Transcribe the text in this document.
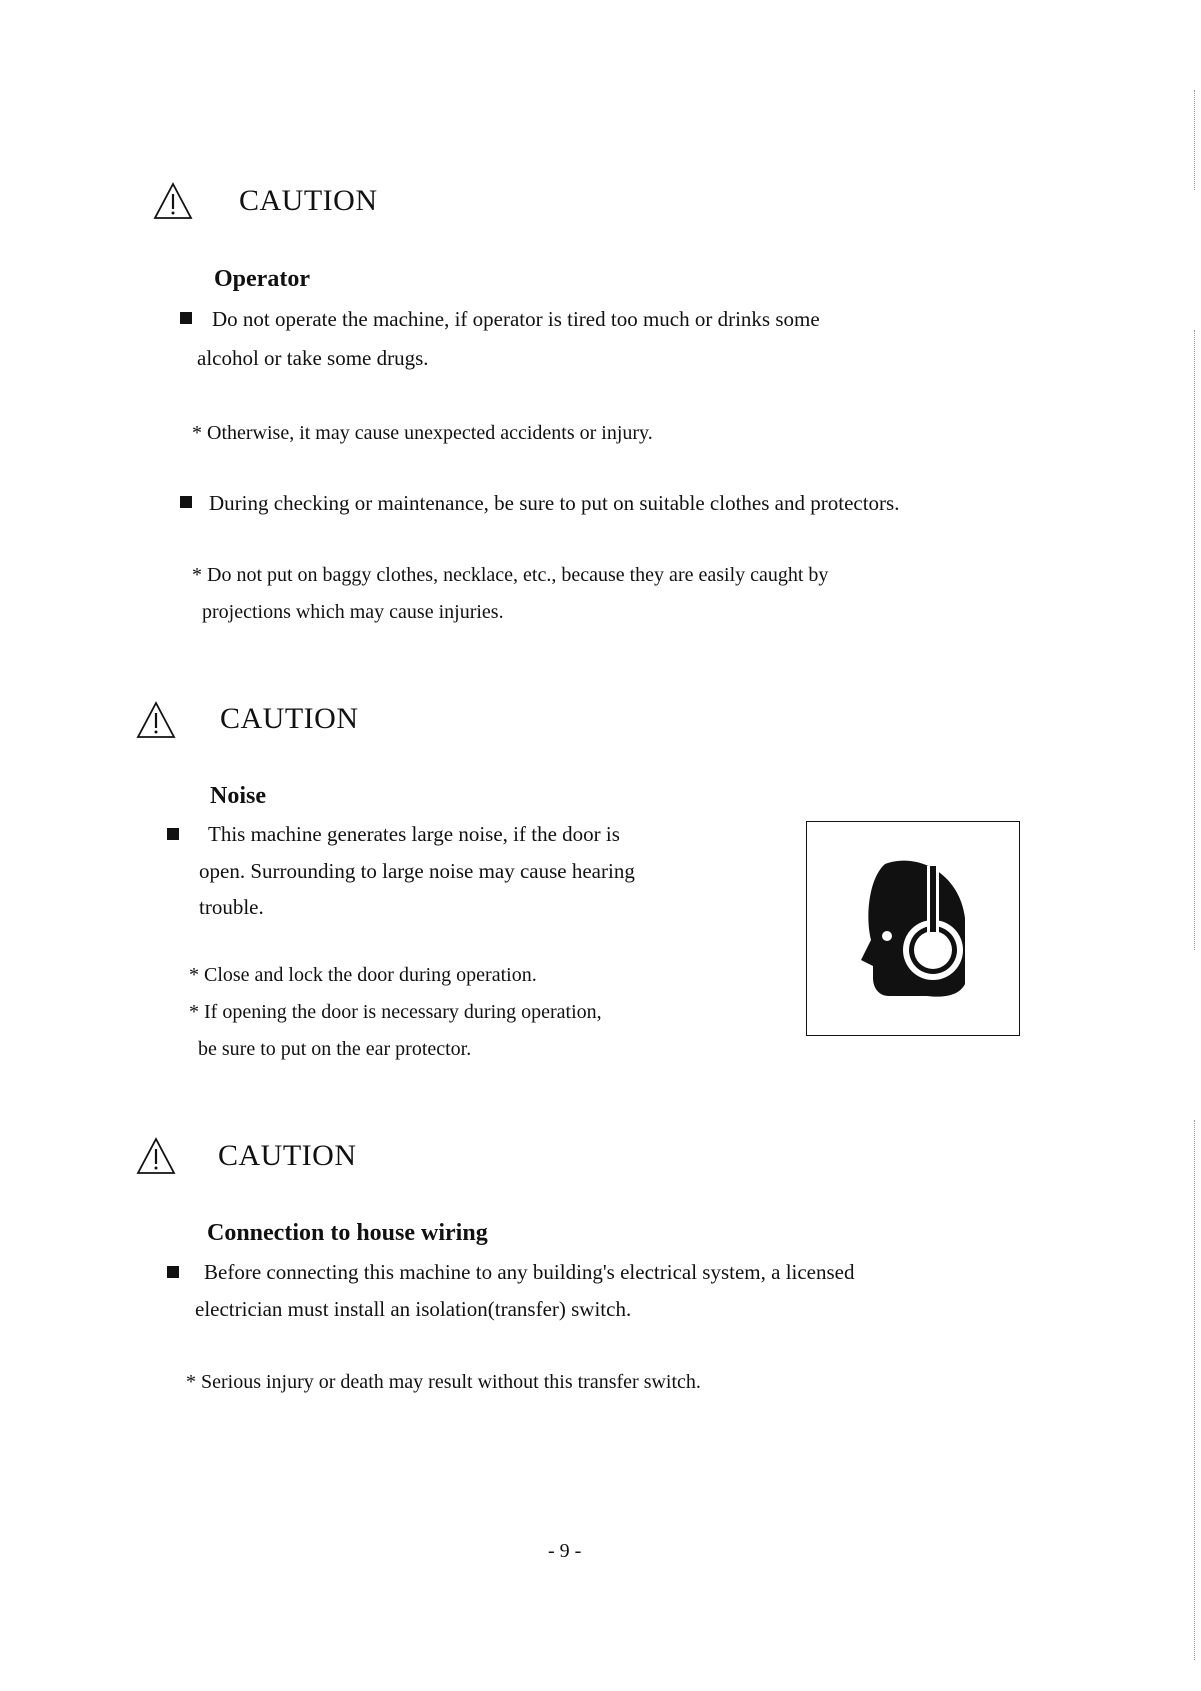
CAUTION
Operator
Do not operate the machine, if operator is tired too much or drinks some
alcohol or take some drugs.
* Otherwise, it may cause unexpected accidents or injury.
During checking or maintenance, be sure to put on suitable clothes and protectors.
* Do not put on baggy clothes, necklace, etc., because they are easily caught by
projections which may cause injuries.
CAUTION
Noise
This machine generates large noise, if the door is
open. Surrounding to large noise may cause hearing
trouble.
* Close and lock the door during operation.
* If opening the door is necessary during operation,
be sure to put on the ear protector.
CAUTION
Connection to house wiring
Before connecting this machine to any building's electrical system, a licensed
electrician must install an isolation(transfer) switch.
* Serious injury or death may result without this transfer switch.
- 9 -
